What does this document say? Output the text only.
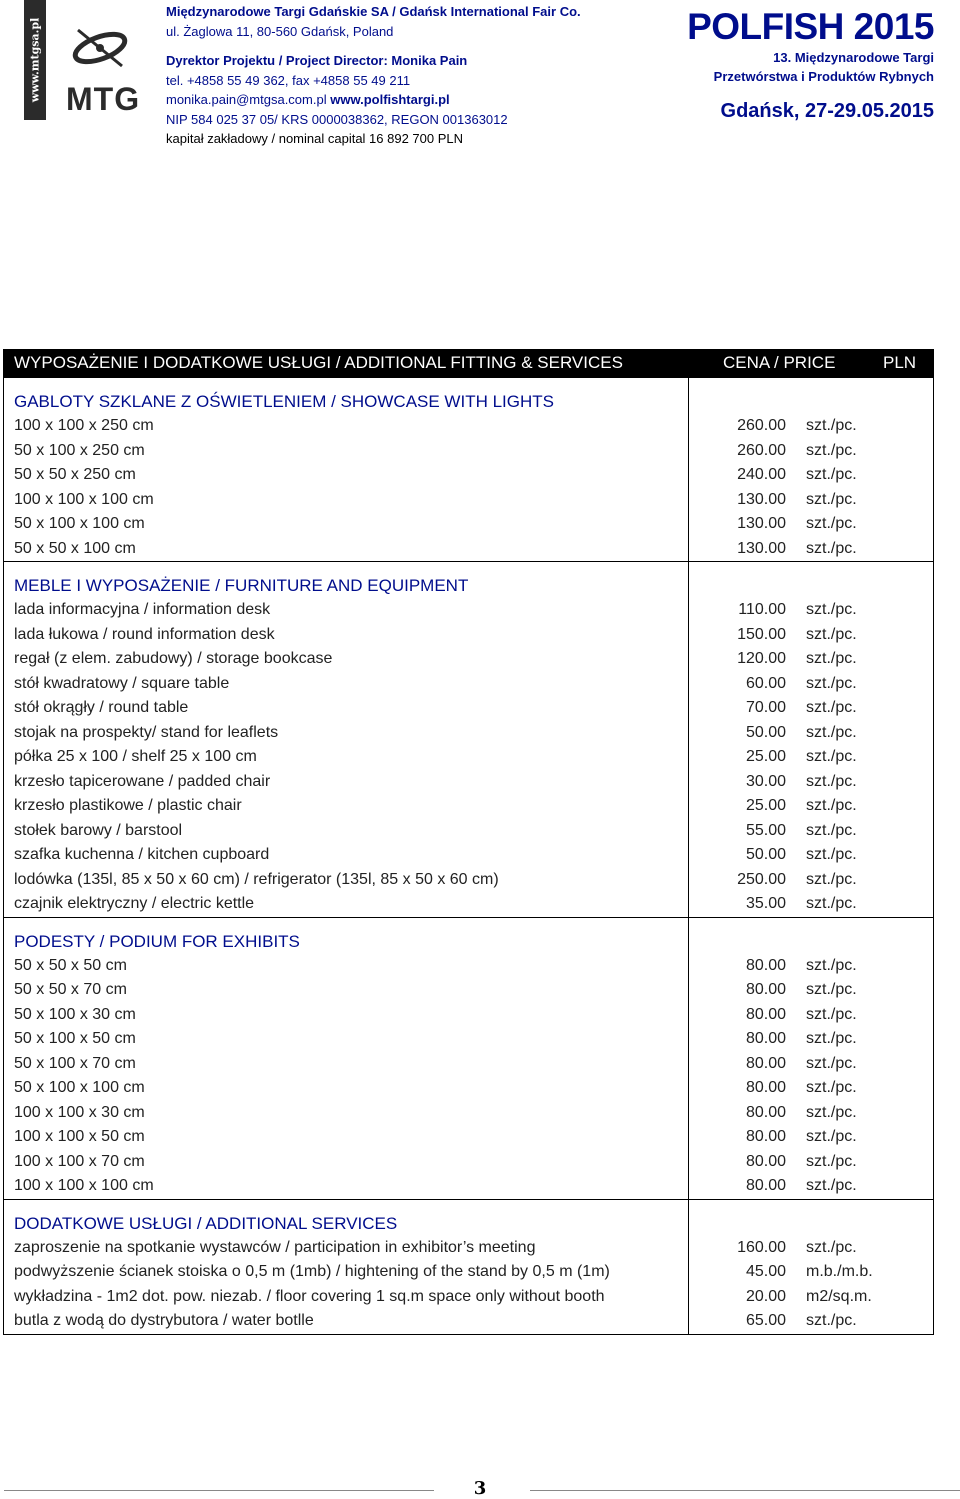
www.mtgsa.pl MTG
Międzynarodowe Targi Gdańskie SA / Gdańsk International Fair Co.
ul. Żaglowa 11, 80-560 Gdańsk, Poland
Dyrektor Projektu / Project Director: Monika Pain
tel. +4858 55 49 362, fax +4858 55 49 211
monika.pain@mtgsa.com.pl www.polfishtargi.pl
NIP 584 025 37 05/ KRS 0000038362, REGON 001363012
kapitał zakładowy / nominal capital 16 892 700 PLN
POLFISH 2015
13. Międzynarodowe Targi
Przetwórstwa i Produktów Rybnych
Gdańsk, 27-29.05.2015
WYPOSAŻENIE I DODATKOWE USŁUGI / ADDITIONAL FITTING & SERVICES	CENA / PRICE PLN
GABLOTY SZKLANE Z OŚWIETLENIEM / SHOWCASE WITH LIGHTS	
100 x 100 x 250 cm	260.00 szt./pc.
50 x 100 x 250 cm	260.00 szt./pc.
50 x 50 x 250 cm	240.00 szt./pc.
100 x 100 x 100 cm	130.00 szt./pc.
50 x 100 x 100 cm	130.00 szt./pc.
50 x 50 x 100 cm	130.00 szt./pc.
MEBLE I WYPOSAŻENIE / FURNITURE AND EQUIPMENT	
lada informacyjna / information desk	110.00 szt./pc.
lada łukowa / round information desk	150.00 szt./pc.
regał (z elem. zabudowy) / storage bookcase	120.00 szt./pc.
stół kwadratowy / square table	60.00 szt./pc.
stół okrągły / round table	70.00 szt./pc.
stojak na prospekty/ stand for leaflets	50.00 szt./pc.
półka 25 x 100 / shelf 25 x 100 cm	25.00 szt./pc.
krzesło tapicerowane / padded chair	30.00 szt./pc.
krzesło plastikowe / plastic chair	25.00 szt./pc.
stołek barowy / barstool	55.00 szt./pc.
szafka kuchenna / kitchen cupboard	50.00 szt./pc.
lodówka (135l, 85 x 50 x 60 cm) / refrigerator (135l, 85 x 50 x 60 cm)	250.00 szt./pc.
czajnik elektryczny / electric kettle	35.00 szt./pc.
PODESTY / PODIUM FOR EXHIBITS	
50 x 50 x 50 cm	80.00 szt./pc.
50 x 50 x 70 cm	80.00 szt./pc.
50 x 100 x 30 cm	80.00 szt./pc.
50 x 100 x 50 cm	80.00 szt./pc.
50 x 100 x 70 cm	80.00 szt./pc.
50 x 100 x 100 cm	80.00 szt./pc.
100 x 100 x 30 cm	80.00 szt./pc.
100 x 100 x 50 cm	80.00 szt./pc.
100 x 100 x 70 cm	80.00 szt./pc.
100 x 100 x 100 cm	80.00 szt./pc.
DODATKOWE USŁUGI / ADDITIONAL SERVICES	
zaproszenie na spotkanie wystawców / participation in exhibitor’s meeting	160.00 szt./pc.
podwyższenie ścianek stoiska o 0,5 m (1mb) / hightening of the stand by 0,5 m (1m)	45.00 m.b./m.b.
wykładzina - 1m2 dot. pow. niezab. / floor covering 1 sq.m space only without booth	20.00 m2/sq.m.
butla z wodą do dystrybutora / water botlle	65.00 szt./pc.
3
